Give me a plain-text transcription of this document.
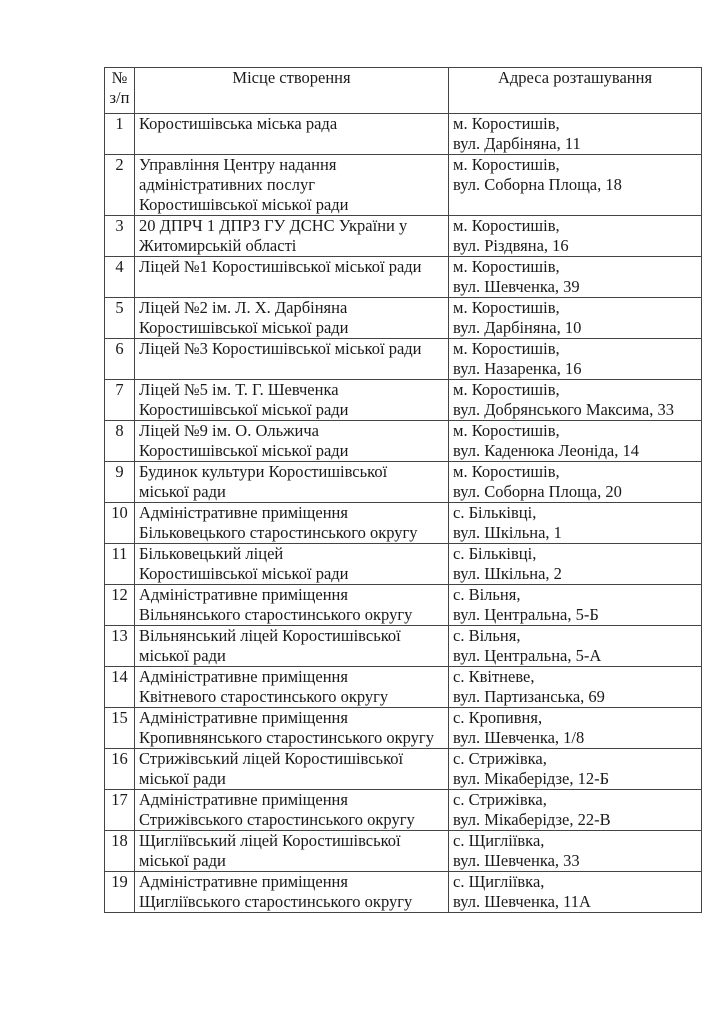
№
з/п	Місце створення	Адреса розташування
1	Коростишівська міська рада	м. Коростишів,
вул. Дарбіняна, 11

2	Управління Центру надання
адміністративних послуг
Коростишівської міської ради	м. Коростишів,
вул. Соборна Площа, 18

3	20 ДПРЧ 1 ДПРЗ ГУ ДСНС України у
Житомирській області	м. Коростишів,
вул. Різдвяна, 16

4	Ліцей №1 Коростишівської міської ради	м. Коростишів,
вул. Шевченка, 39

5	Ліцей №2 ім. Л. Х. Дарбіняна
Коростишівської міської ради	м. Коростишів,
вул. Дарбіняна, 10

6	Ліцей №3 Коростишівської міської ради	м. Коростишів,
вул. Назаренка, 16

7	Ліцей №5 ім. Т. Г. Шевченка
Коростишівської міської ради	м. Коростишів,
вул. Добрянського Максима, 33

8	Ліцей №9 ім. О. Ольжича
Коростишівської міської ради	м. Коростишів,
вул. Каденюка Леоніда, 14

9	Будинок культури Коростишівської
міської ради	м. Коростишів,
вул. Соборна Площа, 20

10	Адміністративне приміщення
Більковецького старостинського округу	с. Більківці,
вул. Шкільна, 1

11	Більковецький ліцей
Коростишівської міської ради	с. Більківці,
вул. Шкільна, 2

12	Адміністративне приміщення
Вільнянського старостинського округу	с. Вільня,
вул. Центральна, 5-Б

13	Вільнянський ліцей Коростишівської
міської ради	с. Вільня,
вул. Центральна, 5-А

14	Адміністративне приміщення
Квітневого старостинського округу	с. Квітневе,
вул. Партизанська, 69

15	Адміністративне приміщення
Кропивнянського старостинського округу	с. Кропивня,
вул. Шевченка, 1/8

16	Стрижівський ліцей Коростишівської
міської ради	с. Стрижівка,
вул. Мікаберідзе, 12-Б

17	Адміністративне приміщення
Стрижівського старостинського округу	с. Стрижівка,
вул. Мікаберідзе, 22-В

18	Щигліївський ліцей Коростишівської
міської ради	с. Щигліївка,
вул. Шевченка, 33

19	Адміністративне приміщення
Щигліївського старостинського округу	с. Щигліївка,
вул. Шевченка, 11А
